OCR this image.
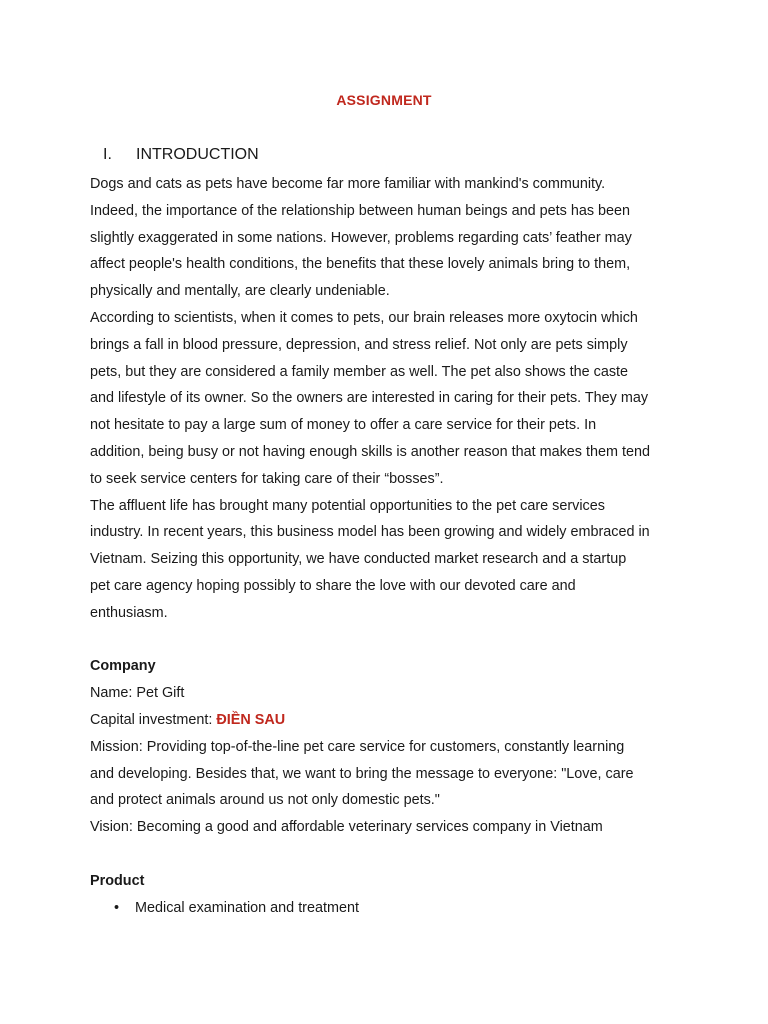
ASSIGNMENT
I. INTRODUCTION

Dogs and cats as pets have become far more familiar with mankind's community.

Indeed, the importance of the relationship between human beings and pets has been

slightly exaggerated in some nations. However, problems regarding cats’ feather may

affect people's health conditions, the benefits that these lovely animals bring to them,

physically and mentally, are clearly undeniable.

According to scientists, when it comes to pets, our brain releases more oxytocin which

brings a fall in blood pressure, depression, and stress relief. Not only are pets simply

pets, but they are considered a family member as well. The pet also shows the caste

and lifestyle of its owner. So the owners are interested in caring for their pets. They may

not hesitate to pay a large sum of money to offer a care service for their pets. In

addition, being busy or not having enough skills is another reason that makes them tend

to seek service centers for taking care of their “bosses”.

The affluent life has brought many potential opportunities to the pet care services

industry. In recent years, this business model has been growing and widely embraced in

Vietnam. Seizing this opportunity, we have conducted market research and a startup

pet care agency hoping possibly to share the love with our devoted care and

enthusiasm.

Company

Name: Pet Gift

Capital investment: ĐIỀN SAU

Mission: Providing top-of-the-line pet care service for customers, constantly learning

and developing. Besides that, we want to bring the message to everyone: "Love, care

and protect animals around us not only domestic pets."

Vision: Becoming a good and affordable veterinary services company in Vietnam

Product

• Medical examination and treatment
